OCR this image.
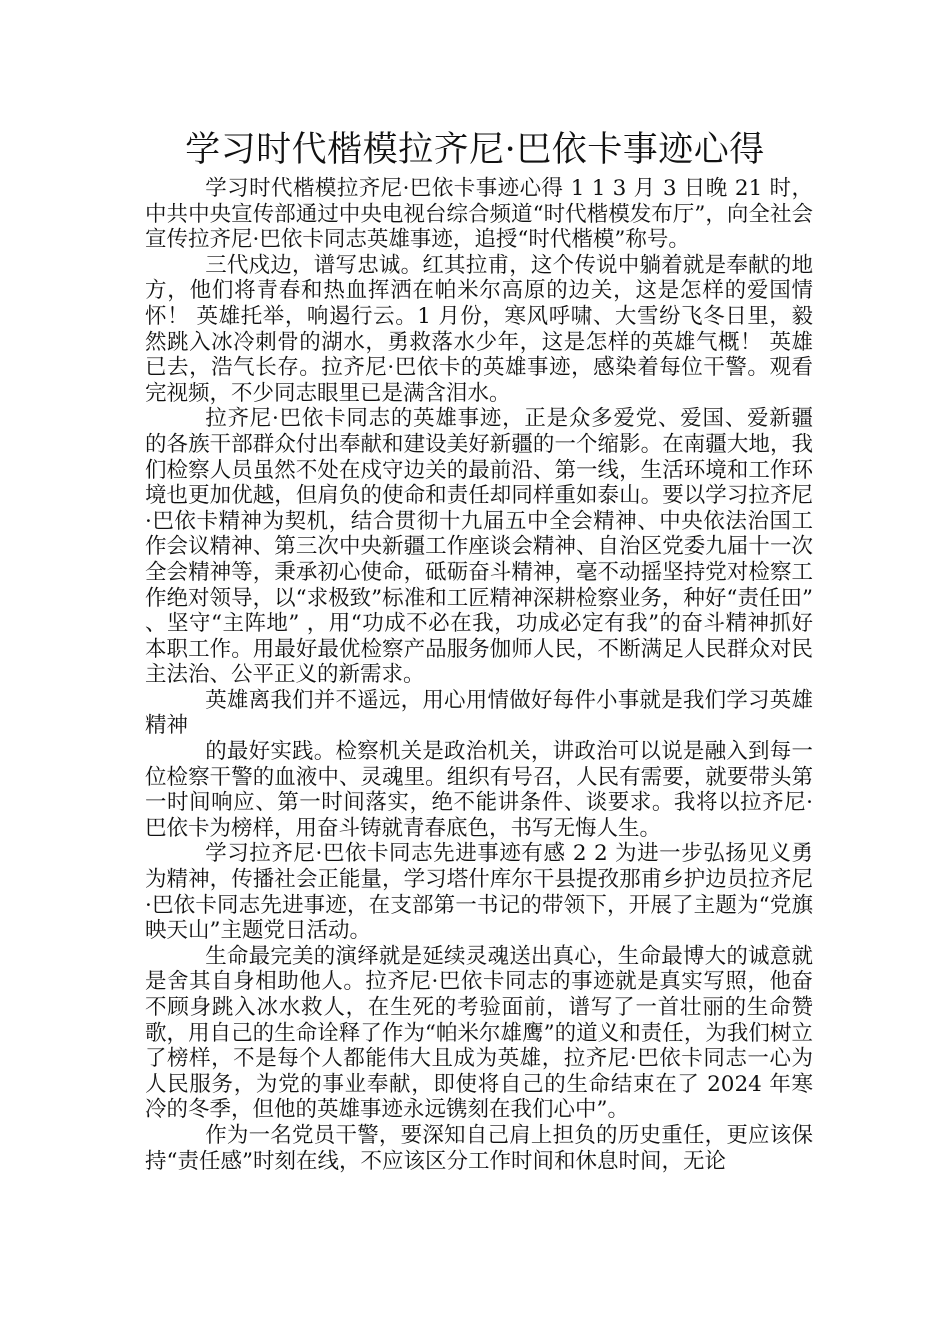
学习时代楷模拉齐尼·巴依卡事迹心得

学习时代楷模拉齐尼·巴依卡事迹心得 1 1 3 月 3 日晚 21 时，中共中央宣传部通过中央电视台综合频道“时代楷模发布厅”，向全社会宣传拉齐尼·巴依卡同志英雄事迹，追授“时代楷模”称号。

三代戍边，谱写忠诚。红其拉甫，这个传说中躺着就是奉献的地方，他们将青春和热血挥洒在帕米尔高原的边关，这是怎样的爱国情怀！ 英雄托举，响遏行云。1 月份，寒风呼啸、大雪纷飞冬日里，毅然跳入冰冷刺骨的湖水，勇救落水少年，这是怎样的英雄气概！ 英雄已去，浩气长存。拉齐尼·巴依卡的英雄事迹，感染着每位干警。观看完视频，不少同志眼里已是满含泪水。

拉齐尼·巴依卡同志的英雄事迹，正是众多爱党、爱国、爱新疆的各族干部群众付出奉献和建设美好新疆的一个缩影。在南疆大地，我们检察人员虽然不处在戍守边关的最前沿、第一线，生活环境和工作环境也更加优越，但肩负的使命和责任却同样重如泰山。要以学习拉齐尼·巴依卡精神为契机，结合贯彻十九届五中全会精神、中央依法治国工作会议精神、第三次中央新疆工作座谈会精神、自治区党委九届十一次全会精神等，秉承初心使命，砥砺奋斗精神，毫不动摇坚持党对检察工作绝对领导，以“求极致”标准和工匠精神深耕检察业务，种好“责任田” 、坚守“主阵地” ，用“功成不必在我，功成必定有我”的奋斗精神抓好本职工作。用最好最优检察产品服务伽师人民，不断满足人民群众对民主法治、公平正义的新需求。

英雄离我们并不遥远，用心用情做好每件小事就是我们学习英雄精神

的最好实践。检察机关是政治机关，讲政治可以说是融入到每一位检察干警的血液中、灵魂里。组织有号召，人民有需要，就要带头第一时间响应、第一时间落实，绝不能讲条件、谈要求。我将以拉齐尼·巴依卡为榜样，用奋斗铸就青春底色，书写无悔人生。

学习拉齐尼·巴依卡同志先进事迹有感 2 2 为进一步弘扬见义勇为精神，传播社会正能量，学习塔什库尔干县提孜那甫乡护边员拉齐尼·巴依卡同志先进事迹，在支部第一书记的带领下，开展了主题为“党旗映天山”主题党日活动。

生命最完美的演绎就是延续灵魂送出真心，生命最博大的诚意就是舍其自身相助他人。拉齐尼·巴依卡同志的事迹就是真实写照，他奋不顾身跳入冰水救人，在生死的考验面前，谱写了一首壮丽的生命赞歌，用自己的生命诠释了作为“帕米尔雄鹰”的道义和责任，为我们树立了榜样，不是每个人都能伟大且成为英雄，拉齐尼·巴依卡同志一心为人民服务，为党的事业奉献，即使将自己的生命结束在了 2024 年寒冷的冬季，但他的英雄事迹永远镌刻在我们心中”。

作为一名党员干警，要深知自己肩上担负的历史重任，更应该保持“责任感”时刻在线，不应该区分工作时间和休息时间，无论
